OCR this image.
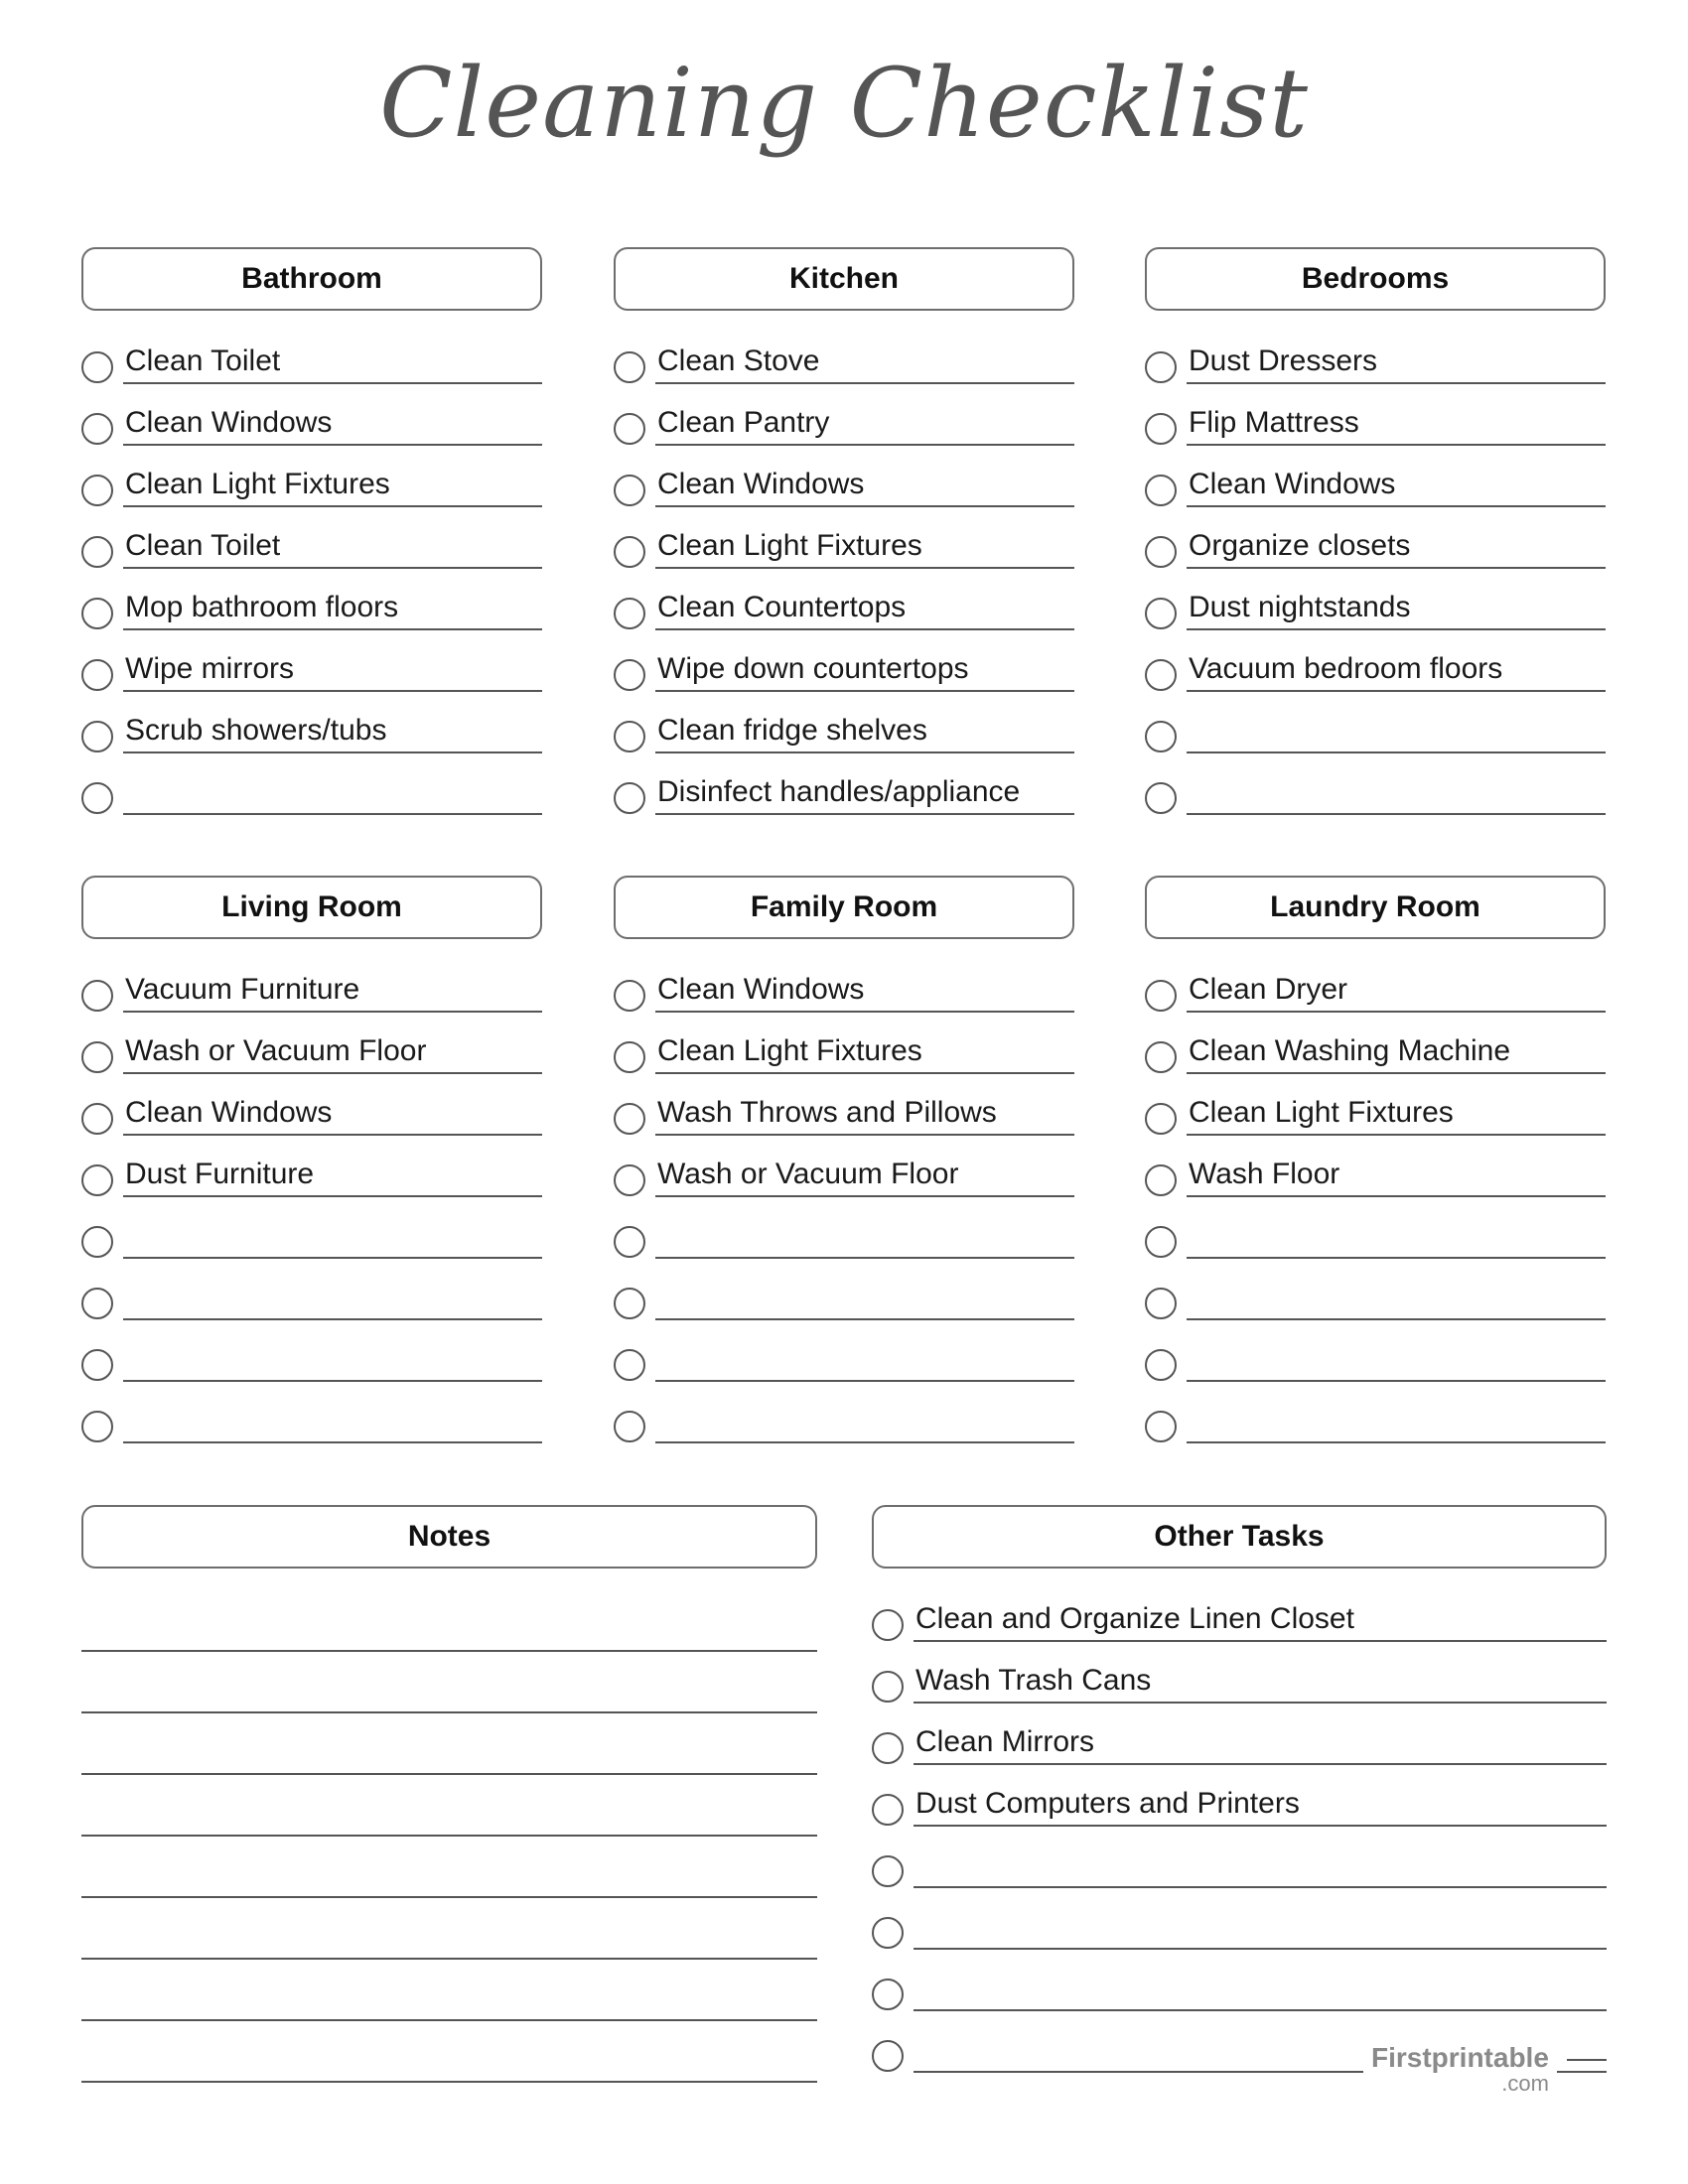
Cleaning Checklist
Bathroom
Clean Toilet
Clean Windows
Clean Light Fixtures
Clean Toilet
Mop bathroom floors
Wipe mirrors
Scrub showers/tubs
Kitchen
Clean Stove
Clean Pantry
Clean Windows
Clean Light Fixtures
Clean Countertops
Wipe down countertops
Clean fridge shelves
Disinfect handles/appliance
Bedrooms
Dust Dressers
Flip Mattress
Clean Windows
Organize closets
Dust nightstands
Vacuum bedroom floors
Living Room
Vacuum Furniture
Wash or Vacuum Floor
Clean Windows
Dust Furniture
Family Room
Clean Windows
Clean Light Fixtures
Wash Throws and Pillows
Wash or Vacuum Floor
Laundry Room
Clean Dryer
Clean Washing Machine
Clean Light Fixtures
Wash Floor
Notes	Other Tasks
Clean and Organize Linen Closet
Wash Trash Cans
Clean Mirrors
Dust Computers and Printers
Firstprintable
.com
